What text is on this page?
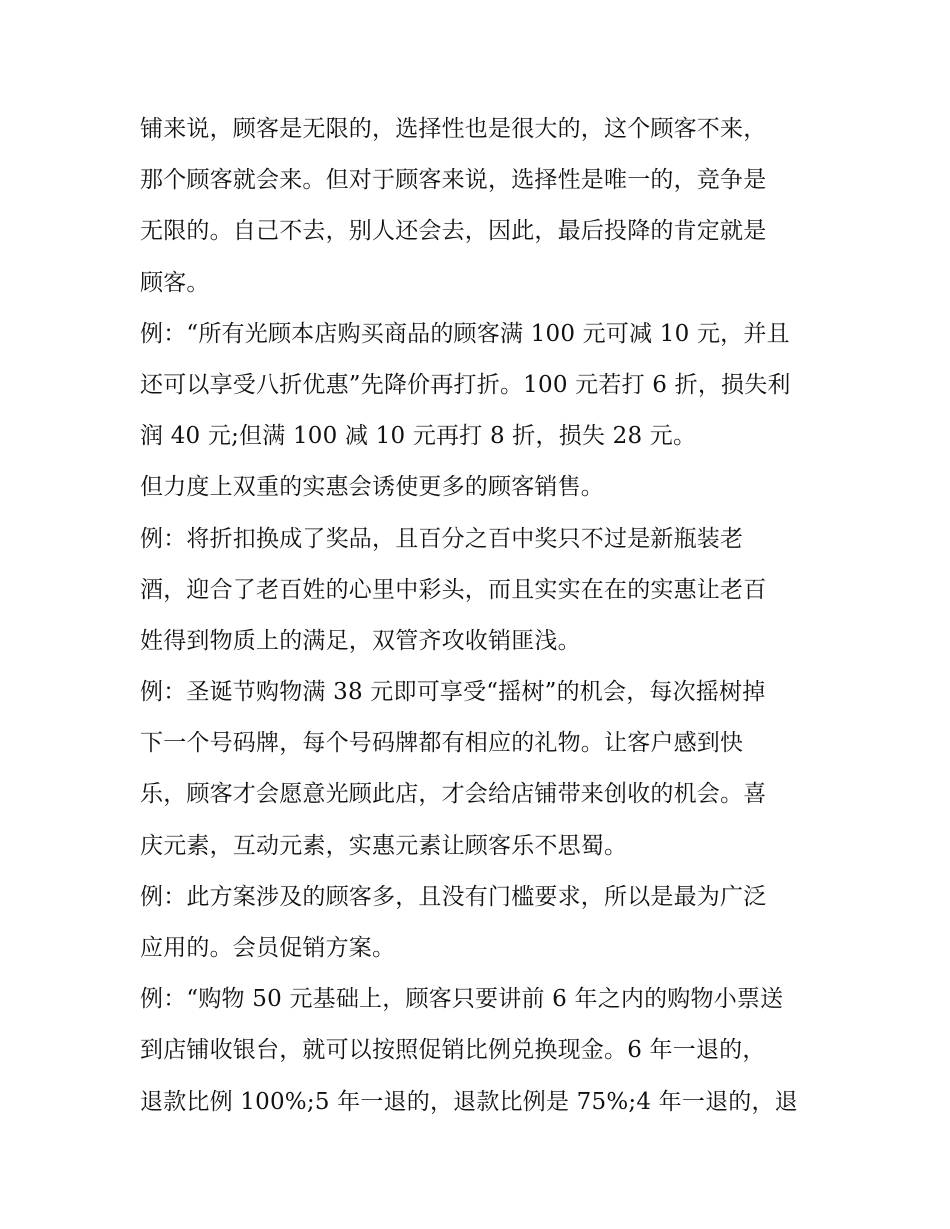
铺来说，顾客是无限的，选择性也是很大的，这个顾客不来，
那个顾客就会来。但对于顾客来说，选择性是唯一的，竞争是
无限的。自己不去，别人还会去，因此，最后投降的肯定就是
顾客。
例：“所有光顾本店购买商品的顾客满 100 元可减 10 元，并且
还可以享受八折优惠”先降价再打折。100 元若打 6 折，损失利
润 40 元;但满 100 减 10 元再打 8 折，损失 28 元。
但力度上双重的实惠会诱使更多的顾客销售。
例：将折扣换成了奖品，且百分之百中奖只不过是新瓶装老
酒，迎合了老百姓的心里中彩头，而且实实在在的实惠让老百
姓得到物质上的满足，双管齐攻收销匪浅。
例：圣诞节购物满 38 元即可享受“摇树”的机会，每次摇树掉
下一个号码牌，每个号码牌都有相应的礼物。让客户感到快
乐，顾客才会愿意光顾此店，才会给店铺带来创收的机会。喜
庆元素，互动元素，实惠元素让顾客乐不思蜀。
例：此方案涉及的顾客多，且没有门槛要求，所以是最为广泛
应用的。会员促销方案。
例：“购物 50 元基础上，顾客只要讲前 6 年之内的购物小票送
到店铺收银台，就可以按照促销比例兑换现金。6 年一退的，
退款比例 100%;5 年一退的，退款比例是 75%;4 年一退的，退
